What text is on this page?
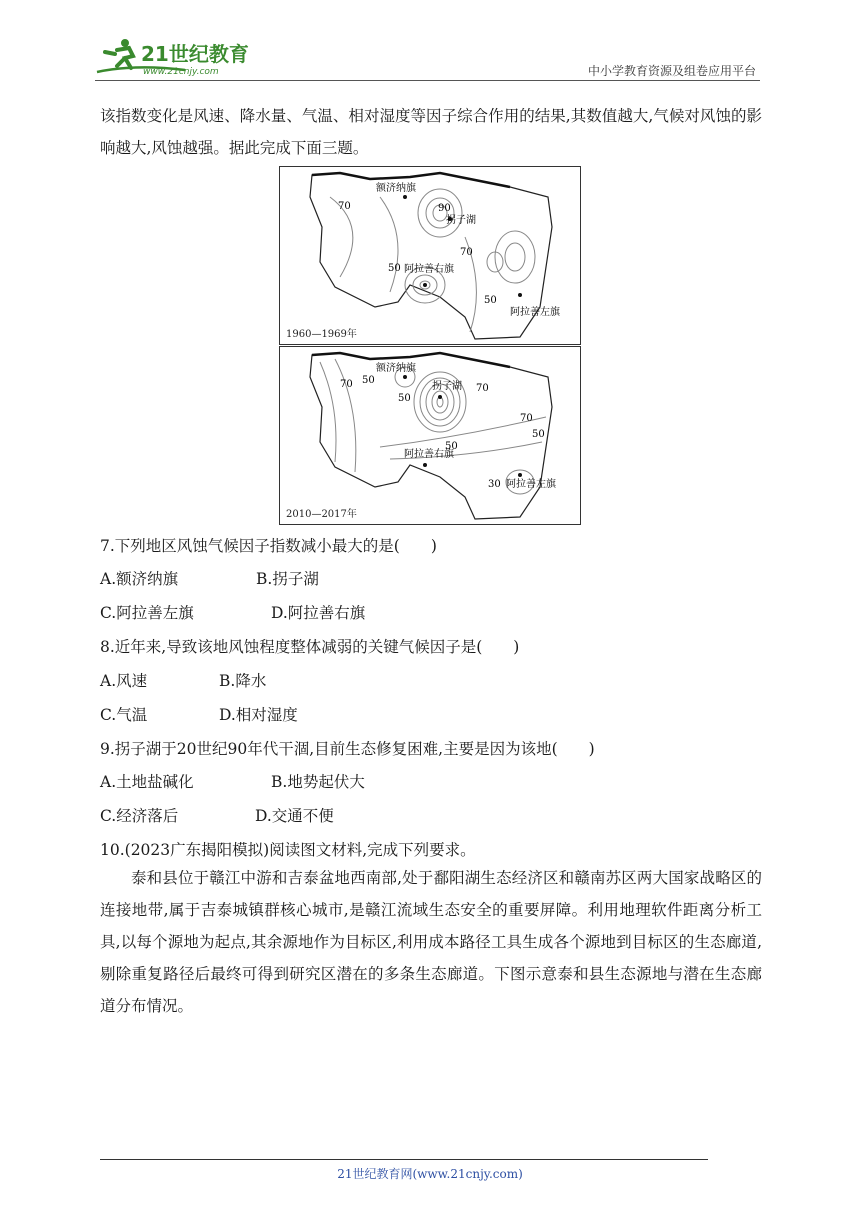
21世纪教育
www.21cnjy.com	中小学教育资源及组卷应用平台

该指数变化是风速、降水量、气温、相对湿度等因子综合作用的结果,其数值越大,气候对风蚀的影响越大,风蚀越强。据此完成下面三题。

额济纳旗
拐子湖
阿拉善右旗
阿拉善左旗
70	90
70
50
50
1960—1969年
额济纳旗
拐子湖
阿拉善右旗
阿拉善左旗
70 50
50
70
70
50
50
30
2010—2017年
7.下列地区风蚀气候因子指数减小最大的是(　　)
A.额济纳旗	B.拐子湖
C.阿拉善左旗	D.阿拉善右旗
8.近年来,导致该地风蚀程度整体减弱的关键气候因子是(　　)
A.风速	B.降水
C.气温	D.相对湿度
9.拐子湖于20世纪90年代干涸,目前生态修复困难,主要是因为该地(　　)
A.土地盐碱化	B.地势起伏大
C.经济落后	D.交通不便
10.(2023广东揭阳模拟)阅读图文材料,完成下列要求。

泰和县位于赣江中游和吉泰盆地西南部,处于鄱阳湖生态经济区和赣南苏区两大国家战略区的连接地带,属于吉泰城镇群核心城市,是赣江流域生态安全的重要屏障。利用地理软件距离分析工具,以每个源地为起点,其余源地作为目标区,利用成本路径工具生成各个源地到目标区的生态廊道,剔除重复路径后最终可得到研究区潜在的多条生态廊道。下图示意泰和县生态源地与潜在生态廊道分布情况。

21世纪教育网(www.21cnjy.com)
